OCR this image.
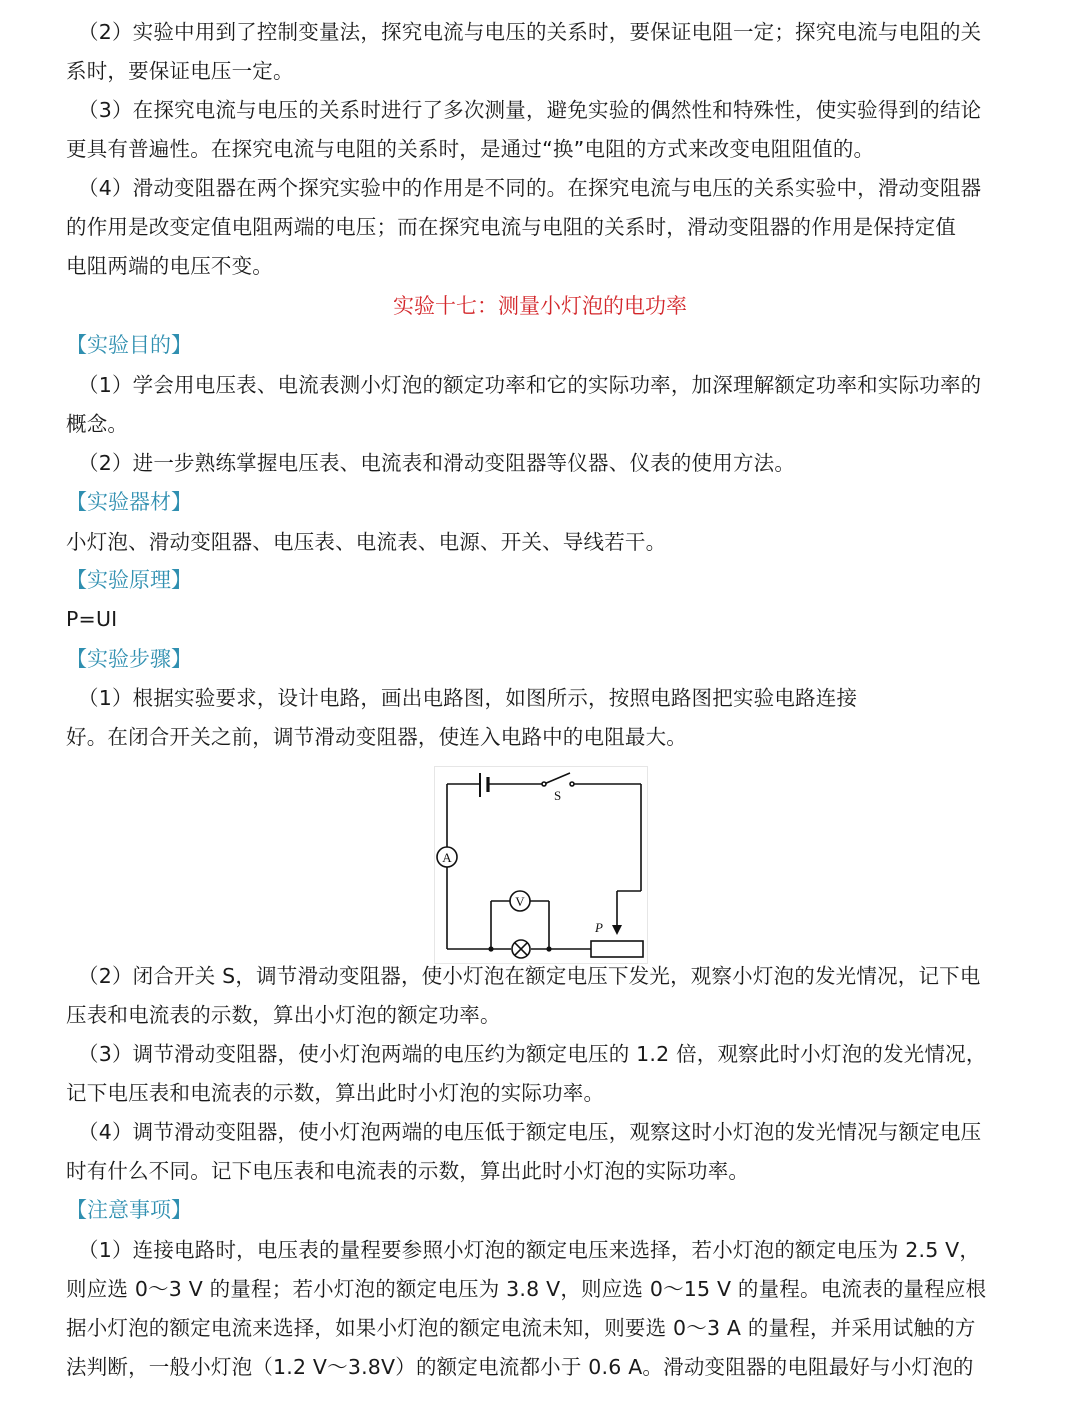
（2）实验中用到了控制变量法，探究电流与电压的关系时，要保证电阻一定；探究电流与电阻的关
系时，要保证电压一定。
（3）在探究电流与电压的关系时进行了多次测量，避免实验的偶然性和特殊性，使实验得到的结论
更具有普遍性。在探究电流与电阻的关系时，是通过“换”电阻的方式来改变电阻阻值的。
（4）滑动变阻器在两个探究实验中的作用是不同的。在探究电流与电压的关系实验中，滑动变阻器
的作用是改变定值电阻两端的电压；而在探究电流与电阻的关系时，滑动变阻器的作用是保持定值
电阻两端的电压不变。
实验十七：测量小灯泡的电功率
【实验目的】
（1）学会用电压表、电流表测小灯泡的额定功率和它的实际功率，加深理解额定功率和实际功率的
概念。
（2）进一步熟练掌握电压表、电流表和滑动变阻器等仪器、仪表的使用方法。
【实验器材】
小灯泡、滑动变阻器、电压表、电流表、电源、开关、导线若干。
【实验原理】
P=UI
【实验步骤】
（1）根据实验要求，设计电路，画出电路图，如图所示，按照电路图把实验电路连接
好。在闭合开关之前，调节滑动变阻器，使连入电路中的电阻最大。
S
A
V
P
（2）闭合开关 S，调节滑动变阻器，使小灯泡在额定电压下发光，观察小灯泡的发光情况，记下电
压表和电流表的示数，算出小灯泡的额定功率。
（3）调节滑动变阻器，使小灯泡两端的电压约为额定电压的 1.2 倍，观察此时小灯泡的发光情况，
记下电压表和电流表的示数，算出此时小灯泡的实际功率。
（4）调节滑动变阻器，使小灯泡两端的电压低于额定电压，观察这时小灯泡的发光情况与额定电压
时有什么不同。记下电压表和电流表的示数，算出此时小灯泡的实际功率。
【注意事项】
（1）连接电路时，电压表的量程要参照小灯泡的额定电压来选择，若小灯泡的额定电压为 2.5 V，
则应选 0～3 V 的量程；若小灯泡的额定电压为 3.8 V，则应选 0～15 V 的量程。电流表的量程应根
据小灯泡的额定电流来选择，如果小灯泡的额定电流未知，则要选 0～3 A 的量程，并采用试触的方
法判断，一般小灯泡（1.2 V～3.8V）的额定电流都小于 0.6 A。滑动变阻器的电阻最好与小灯泡的
